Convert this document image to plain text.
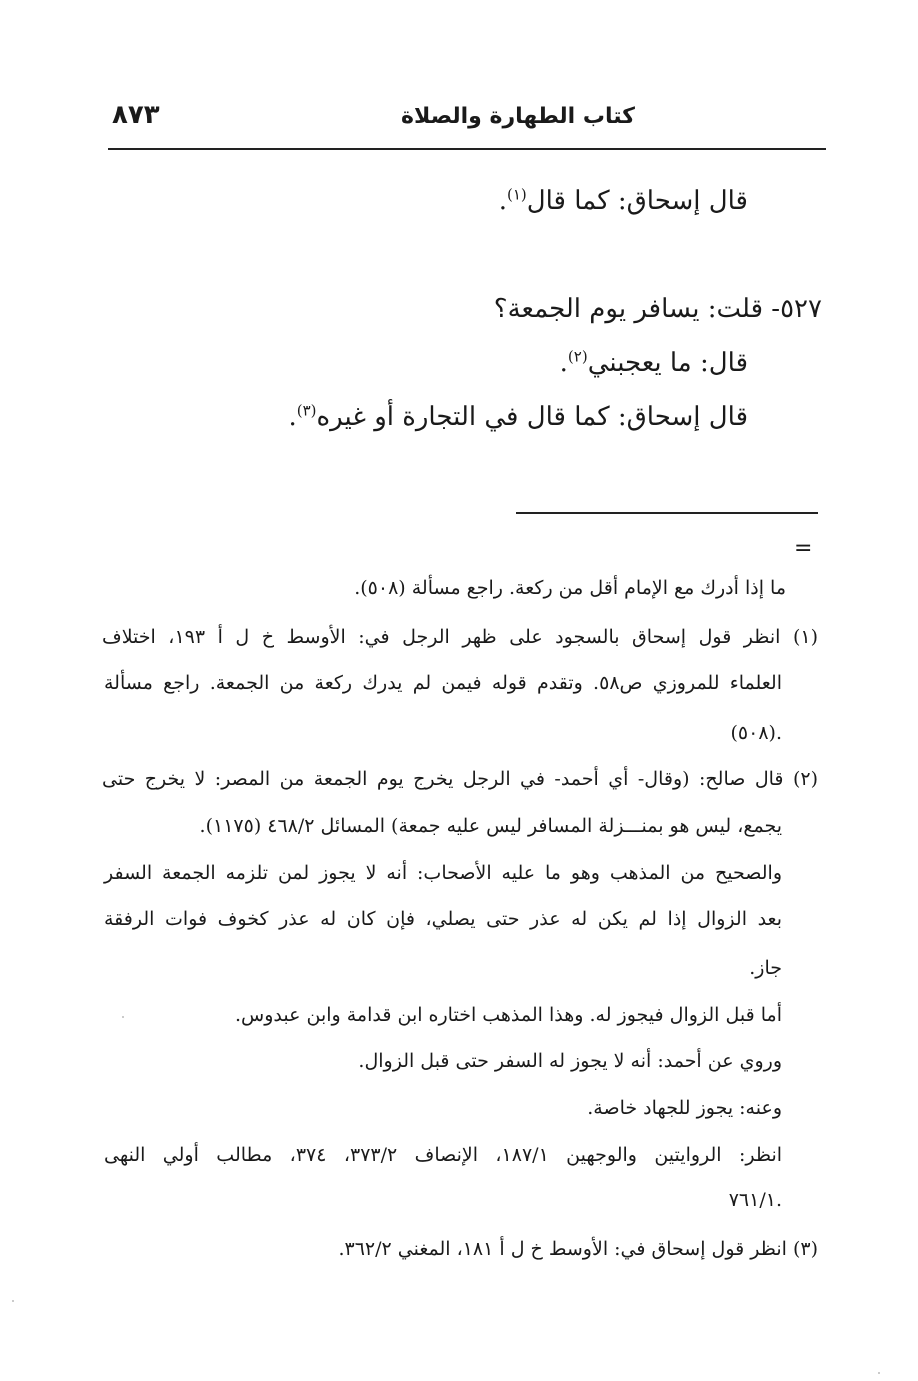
٨٧٣	كتاب الطهارة والصلاة
قال إسحاق: كما قال$^{(١)}$.
٥٢٧- قلت: يسافر يوم الجمعة؟
قال: ما يعجبني$^{(٢)}$.
قال إسحاق: كما قال في التجارة أو غيره$^{(٣)}$.
=
ما إذا أدرك مع الإمام أقل من ركعة. راجع مسألة (٥٠٨).
(١) انظر قول إسحاق بالسجود على ظهر الرجل في: الأوسط خ ل أ ١٩٣، اختلاف
العلماء للمروزي ص٥٨. وتقدم قوله فيمن لم يدرك ركعة من الجمعة. راجع مسألة
(٥٠٨).
(٢) قال صالح: (وقال- أي أحمد- في الرجل يخرج يوم الجمعة من المصر: لا يخرج حتى
يجمع، ليس هو بمنـــزلة المسافر ليس عليه جمعة) المسائل ٤٦٨/٢ (١١٧٥).
والصحيح من المذهب وهو ما عليه الأصحاب: أنه لا يجوز لمن تلزمه الجمعة السفر
بعد الزوال إذا لم يكن له عذر حتى يصلي، فإن كان له عذر كخوف فوات الرفقة
جاز.
أما قبل الزوال فيجوز له. وهذا المذهب اختاره ابن قدامة وابن عبدوس.
وروي عن أحمد: أنه لا يجوز له السفر حتى قبل الزوال.
وعنه: يجوز للجهاد خاصة.
انظر: الروايتين والوجهين ١٨٧/١، الإنصاف ٣٧٣/٢، ٣٧٤، مطالب أولي النهى
٧٦١/١.
(٣) انظر قول إسحاق في: الأوسط خ ل أ ١٨١، المغني ٣٦٢/٢.
